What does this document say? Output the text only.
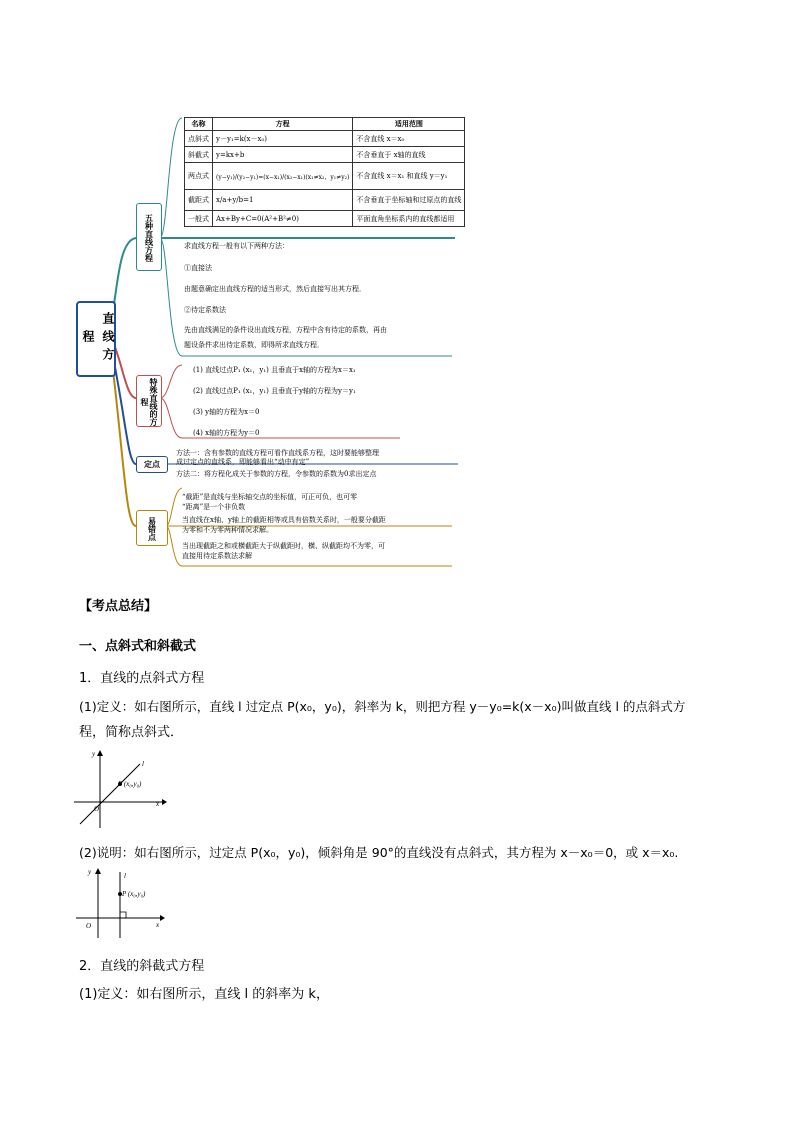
直线方程
五种直线方程
特殊直线的方程
定点
易错点
名称	方程	适用范围
点斜式	y－y₁=k(x－x₀)	不含直线 x＝x₀
斜截式	y=kx+b	不含垂直于 x轴的直线
两点式	(y−y₁)/(y₂−y₁)=(x−x₁)/(x₂−x₁)(x₁≠x₂，y₁≠y₂)	不含直线 x＝x₁ 和直线 y＝y₁
截距式	x/a+y/b=1	不含垂直于坐标轴和过原点的直线
一般式	Ax+By+C=0(A²+B²≠0)	平面直角坐标系内的直线都适用
求直线方程一般有以下两种方法：
①直接法
由题意确定出直线方程的适当形式，然后直接写出其方程．
②待定系数法
先由直线满足的条件设出直线方程，方程中含有待定的系数，再由
题设条件求出待定系数，即得所求直线方程．
(1) 直线过点P₁ (x₁，y₁) 且垂直于x轴的方程为x＝x₁
(2) 直线过点P₁ (x₁，y₁) 且垂直于y轴的方程为y＝y₁
(3) y轴的方程为x＝0
(4) x轴的方程为y＝0
方法一：含有参数的直线方程可看作直线系方程，这时要能够整理
成过定点的直线系，即能够看出“动中有定”
方法二：将方程化成关于参数的方程，令参数的系数为0求出定点
“截距”是直线与坐标轴交点的坐标值，可正可负，也可零
“距离”是一个非负数
当直线在x轴、y轴上的截距相等或具有倍数关系时，一般要分截距
为零和不为零两种情况求解。
当出现截距之和或横截距大于纵截距时，横、纵截距均不为零，可
直接用待定系数法求解
【考点总结】
一、点斜式和斜截式
1．直线的点斜式方程
(1)定义：如右图所示，直线 l 过定点 P(x₀，y₀)，斜率为 k，则把方程 y－y₀=k(x－x₀)叫做直线 l 的点斜式方
程，简称点斜式．
y
l
P (x₀,y₀)
x
O
(2)说明：如右图所示，过定点 P(x₀，y₀)，倾斜角是 90°的直线没有点斜式，其方程为 x－x₀＝0，或 x＝x₀.
y	l
P (x₀,y₀)
x
O
2．直线的斜截式方程
(1)定义：如右图所示，直线 l 的斜率为 k，
